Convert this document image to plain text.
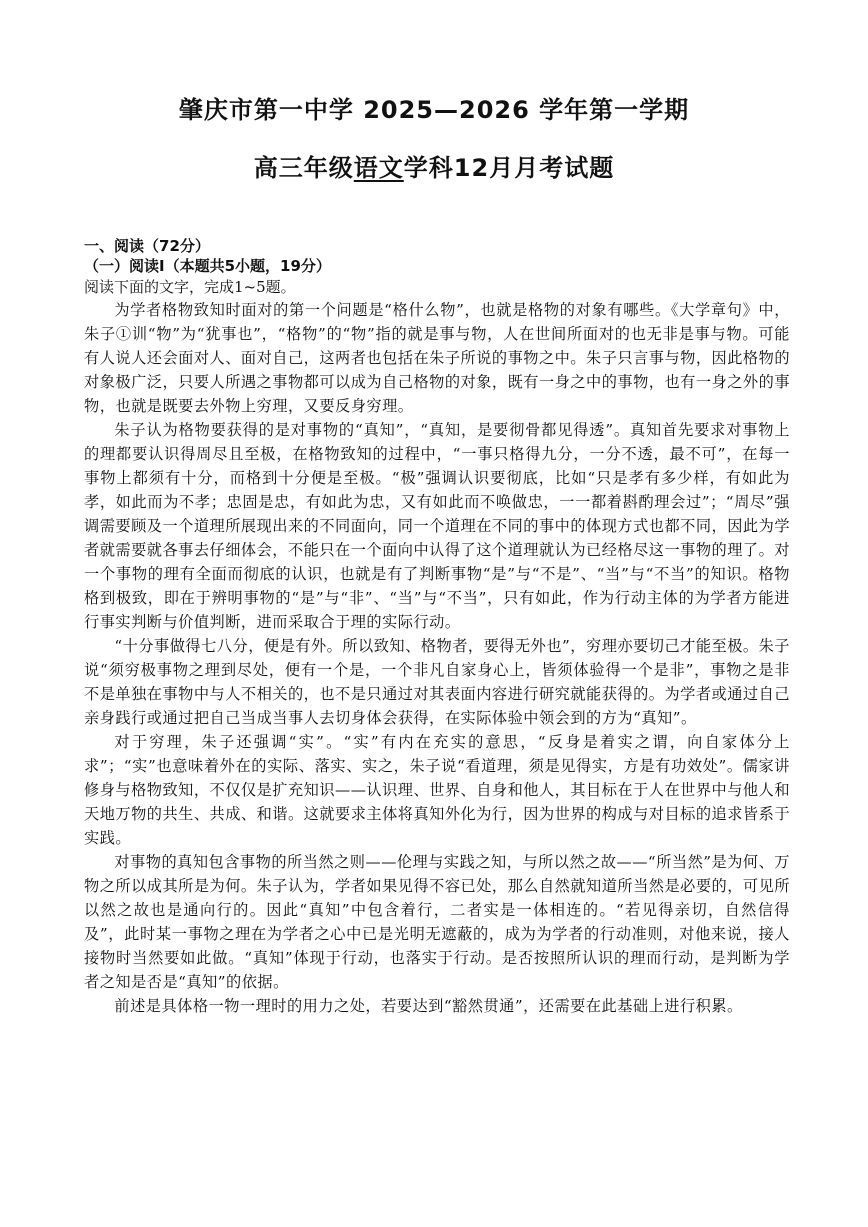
肇庆市第一中学 2025—2026 学年第一学期
高三年级语文学科12月月考试题

一、阅读（72分）

（一）阅读Ⅰ（本题共5小题，19分）

阅读下面的文字，完成1~5题。

为学者格物致知时面对的第一个问题是“格什么物”，也就是格物的对象有哪些。《大学章句》中，朱子①训“物”为“犹事也”，“格物”的“物”指的就是事与物，人在世间所面对的也无非是事与物。可能有人说人还会面对人、面对自己，这两者也包括在朱子所说的事物之中。朱子只言事与物，因此格物的对象极广泛，只要人所遇之事物都可以成为自己格物的对象，既有一身之中的事物，也有一身之外的事物，也就是既要去外物上穷理，又要反身穷理。

朱子认为格物要获得的是对事物的“真知”，“真知，是要彻骨都见得透”。真知首先要求对事物上的理都要认识得周尽且至极，在格物致知的过程中，“一事只格得九分，一分不透，最不可”，在每一事物上都须有十分，而格到十分便是至极。“极”强调认识要彻底，比如“只是孝有多少样，有如此为孝，如此而为不孝；忠固是忠，有如此为忠，又有如此而不唤做忠，一一都着斟酌理会过”；“周尽”强调需要顾及一个道理所展现出来的不同面向，同一个道理在不同的事中的体现方式也都不同，因此为学者就需要就各事去仔细体会，不能只在一个面向中认得了这个道理就认为已经格尽这一事物的理了。对一个事物的理有全面而彻底的认识，也就是有了判断事物“是”与“不是”、“当”与“不当”的知识。格物格到极致，即在于辨明事物的“是”与“非”、“当”与“不当”，只有如此，作为行动主体的为学者方能进行事实判断与价值判断，进而采取合于理的实际行动。

“十分事做得七八分，便是有外。所以致知、格物者，要得无外也”，穷理亦要切己才能至极。朱子说“须穷极事物之理到尽处，便有一个是，一个非凡自家身心上，皆须体验得一个是非”，事物之是非不是单独在事物中与人不相关的，也不是只通过对其表面内容进行研究就能获得的。为学者或通过自己亲身践行或通过把自己当成当事人去切身体会获得，在实际体验中领会到的方为“真知”。

对于穷理，朱子还强调“实”。“实”有内在充实的意思，“反身是着实之谓，向自家体分上求”；“实”也意味着外在的实际、落实、实之，朱子说“看道理，须是见得实，方是有功效处”。儒家讲修身与格物致知，不仅仅是扩充知识——认识理、世界、自身和他人，其目标在于人在世界中与他人和天地万物的共生、共成、和谐。这就要求主体将真知外化为行，因为世界的构成与对目标的追求皆系于实践。

对事物的真知包含事物的所当然之则——伦理与实践之知，与所以然之故——“所当然”是为何、万物之所以成其所是为何。朱子认为，学者如果见得不容已处，那么自然就知道所当然是必要的，可见所以然之故也是通向行的。因此“真知”中包含着行，二者实是一体相连的。“若见得亲切，自然信得及”，此时某一事物之理在为学者之心中已是光明无遮蔽的，成为为学者的行动准则，对他来说，接人接物时当然要如此做。“真知”体现于行动，也落实于行动。是否按照所认识的理而行动，是判断为学者之知是否是“真知”的依据。

前述是具体格一物一理时的用力之处，若要达到“豁然贯通”，还需要在此基础上进行积累。
